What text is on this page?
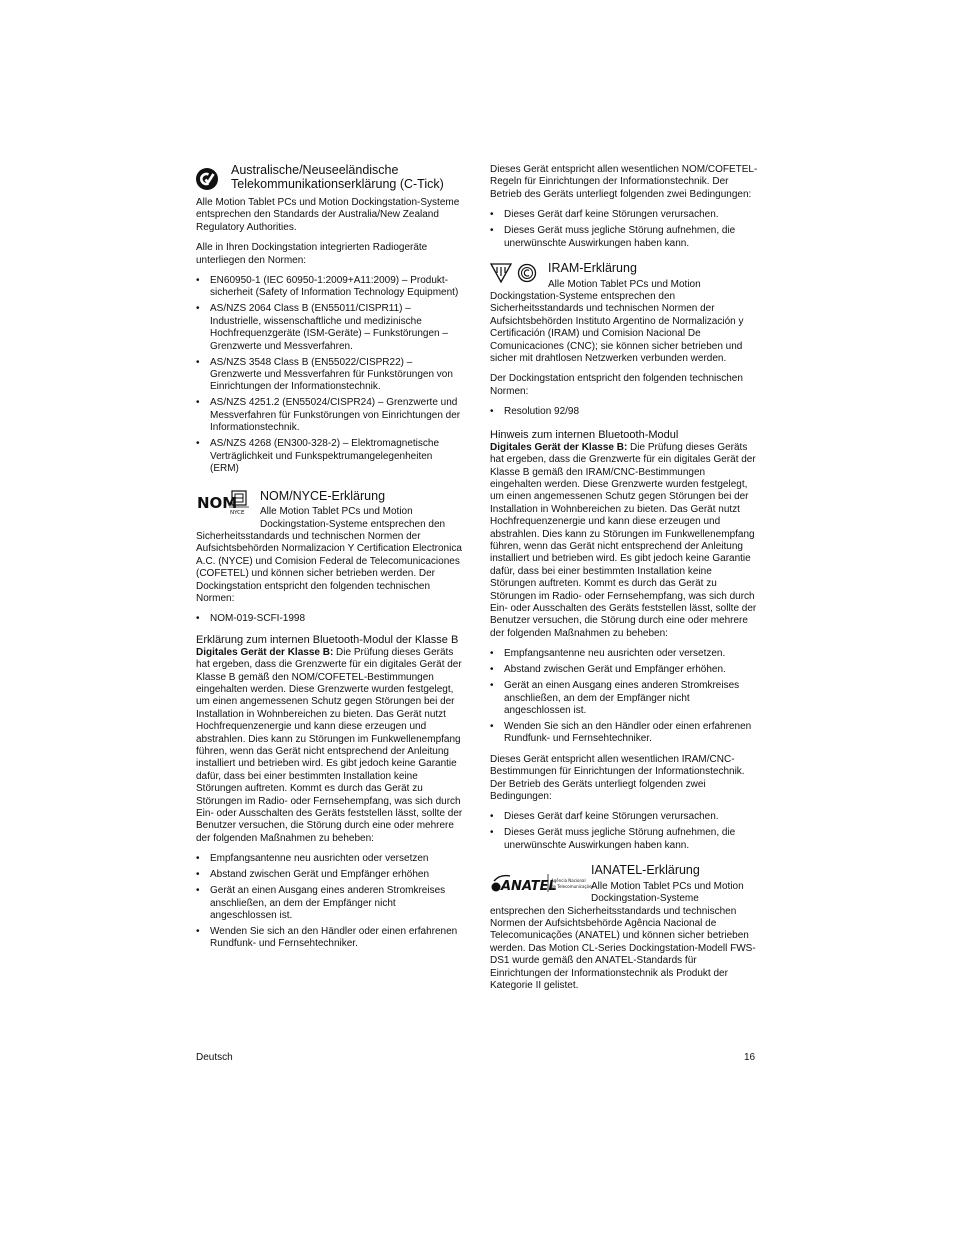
Australische/Neuseeländische Telekommunikationserklärung (C-Tick)

Alle Motion Tablet PCs und Motion Dockingstation-Systeme entsprechen den Standards der Australia/New Zealand Regulatory Authorities.

Alle in Ihren Dockingstation integrierten Radiogeräte unterliegen den Normen:

• EN60950-1 (IEC 60950-1:2009+A11:2009) – Produkt-sicherheit (Safety of Information Technology Equipment)
• AS/NZS 2064 Class B (EN55011/CISPR11) – Industrielle, wissenschaftliche und medizinische Hochfrequenzgeräte (ISM-Geräte) – Funkstörungen – Grenzwerte und Messverfahren.
• AS/NZS 3548 Class B (EN55022/CISPR22) – Grenzwerte und Messverfahren für Funkstörungen von Einrichtungen der Informationstechnik.
• AS/NZS 4251.2 (EN55024/CISPR24) – Grenzwerte und Messverfahren für Funkstörungen von Einrichtungen der Informationstechnik.
• AS/NZS 4268 (EN300-328-2) – Elektromagnetische Verträglichkeit und Funkspektrumangelegenheiten (ERM)
NOM
NYCE
NOM/NYCE-Erklärung
Alle Motion Tablet PCs und Motion Dockingstation-Systeme entsprechen den

Sicherheitsstandards und technischen Normen der Aufsichtsbehörden Normalizacion Y Certification Electronica A.C. (NYCE) und Comision Federal de Telecomunicaciones (COFETEL) und können sicher betrieben werden. Der Dockingstation entspricht den folgenden technischen Normen:

• NOM-019-SCFI-1998
Erklärung zum internen Bluetooth-Modul der Klasse B

Digitales Gerät der Klasse B: Die Prüfung dieses Geräts hat ergeben, dass die Grenzwerte für ein digitales Gerät der Klasse B gemäß den NOM/COFETEL-Bestimmungen eingehalten werden. Diese Grenzwerte wurden festgelegt, um einen angemessenen Schutz gegen Störungen bei der Installation in Wohnbereichen zu bieten. Das Gerät nutzt Hochfrequenzenergie und kann diese erzeugen und abstrahlen. Dies kann zu Störungen im Funkwellenempfang führen, wenn das Gerät nicht entsprechend der Anleitung installiert und betrieben wird. Es gibt jedoch keine Garantie dafür, dass bei einer bestimmten Installation keine Störungen auftreten. Kommt es durch das Gerät zu Störungen im Radio- oder Fernsehempfang, was sich durch Ein- oder Ausschalten des Geräts feststellen lässt, sollte der Benutzer versuchen, die Störung durch eine oder mehrere der folgenden Maßnahmen zu beheben:

• Empfangsantenne neu ausrichten oder versetzen
• Abstand zwischen Gerät und Empfänger erhöhen
• Gerät an einen Ausgang eines anderen Stromkreises anschließen, an dem der Empfänger nicht angeschlossen ist.
• Wenden Sie sich an den Händler oder einen erfahrenen Rundfunk- und Fernsehtechniker.

Dieses Gerät entspricht allen wesentlichen NOM/COFETEL-Regeln für Einrichtungen der Informationstechnik. Der Betrieb des Geräts unterliegt folgenden zwei Bedingungen:

• Dieses Gerät darf keine Störungen verursachen.
• Dieses Gerät muss jegliche Störung aufnehmen, die unerwünschte Auswirkungen haben kann.
IRAM-Erklärung
Alle Motion Tablet PCs und Motion

Dockingstation-Systeme entsprechen den Sicherheitsstandards und technischen Normen der Aufsichtsbehörden Instituto Argentino de Normalización y Certificación (IRAM) und Comision Nacional De Comunicaciones (CNC); sie können sicher betrieben und sicher mit drahtlosen Netzwerken verbunden werden.

Der Dockingstation entspricht den folgenden technischen Normen:

• Resolution 92/98
Hinweis zum internen Bluetooth-Modul

Digitales Gerät der Klasse B: Die Prüfung dieses Geräts hat ergeben, dass die Grenzwerte für ein digitales Gerät der Klasse B gemäß den IRAM/CNC-Bestimmungen eingehalten werden. Diese Grenzwerte wurden festgelegt, um einen angemessenen Schutz gegen Störungen bei der Installation in Wohnbereichen zu bieten. Das Gerät nutzt Hochfrequenzenergie und kann diese erzeugen und abstrahlen. Dies kann zu Störungen im Funkwellenempfang führen, wenn das Gerät nicht entsprechend der Anleitung installiert und betrieben wird. Es gibt jedoch keine Garantie dafür, dass bei einer bestimmten Installation keine Störungen auftreten. Kommt es durch das Gerät zu Störungen im Radio- oder Fernsehempfang, was sich durch Ein- oder Ausschalten des Geräts feststellen lässt, sollte der Benutzer versuchen, die Störung durch eine oder mehrere der folgenden Maßnahmen zu beheben:

• Empfangsantenne neu ausrichten oder versetzen.
• Abstand zwischen Gerät und Empfänger erhöhen.
• Gerät an einen Ausgang eines anderen Stromkreises anschließen, an dem der Empfänger nicht angeschlossen ist.
• Wenden Sie sich an den Händler oder einen erfahrenen Rundfunk- und Fernsehtechniker.

Dieses Gerät entspricht allen wesentlichen IRAM/CNC-Bestimmungen für Einrichtungen der Informationstechnik. Der Betrieb des Geräts unterliegt folgenden zwei Bedingungen:

• Dieses Gerät darf keine Störungen verursachen.
• Dieses Gerät muss jegliche Störung aufnehmen, die unerwünschte Auswirkungen haben kann.
ANATEL
Agência Nacional
de Telecomunicações
IANATEL-Erklärung
Alle Motion Tablet PCs und Motion Dockingstation-Systeme

entsprechen den Sicherheitsstandards und technischen Normen der Aufsichtsbehörde Agência Nacional de Telecomunicações (ANATEL) und können sicher betrieben werden. Das Motion CL-Series Dockingstation-Modell FWS-DS1 wurde gemäß den ANATEL-Standards für Einrichtungen der Informationstechnik als Produkt der Kategorie II gelistet.

Deutsch	16
